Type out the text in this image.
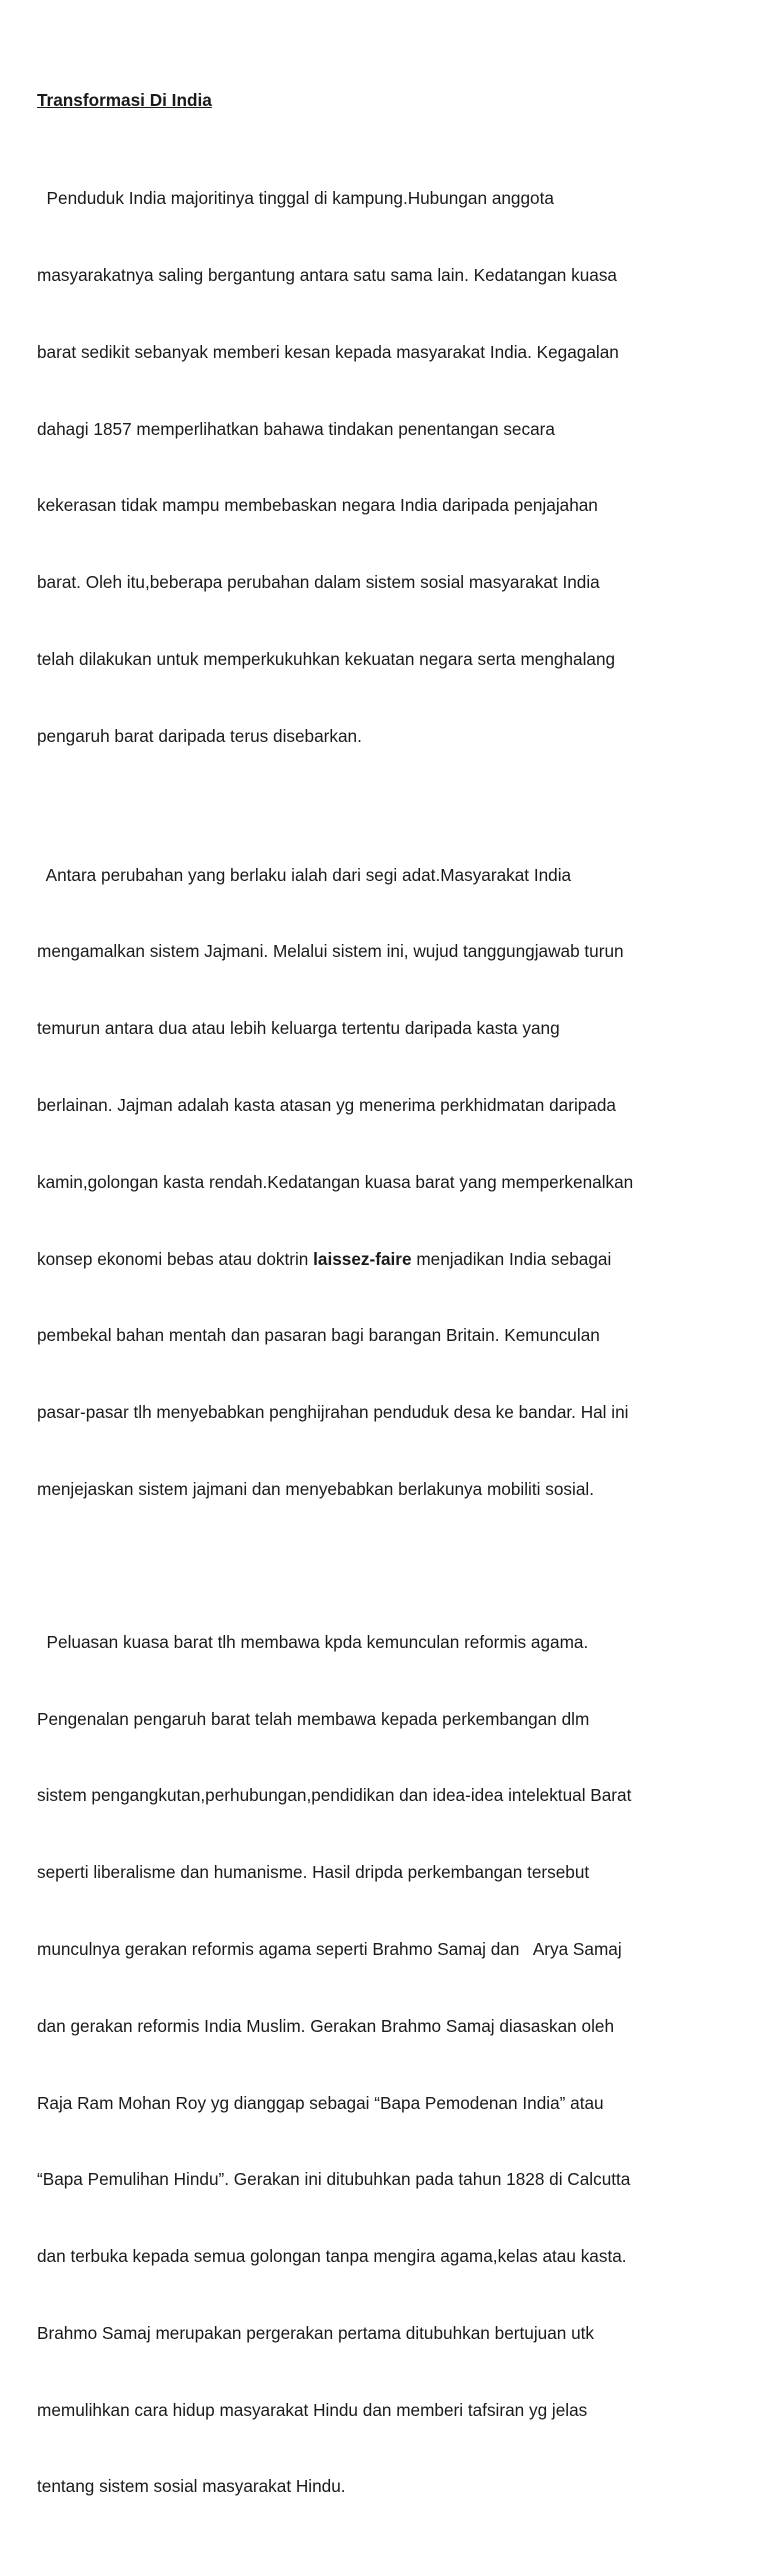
Transformasi Di India

Penduduk India majoritinya tinggal di kampung.Hubungan anggota

masyarakatnya saling bergantung antara satu sama lain. Kedatangan kuasa

barat sedikit sebanyak memberi kesan kepada masyarakat India. Kegagalan

dahagi 1857 memperlihatkan bahawa tindakan penentangan secara

kekerasan tidak mampu membebaskan negara India daripada penjajahan

barat. Oleh itu,beberapa perubahan dalam sistem sosial masyarakat India

telah dilakukan untuk memperkukuhkan kekuatan negara serta menghalang

pengaruh barat daripada terus disebarkan.

Antara perubahan yang berlaku ialah dari segi adat.Masyarakat India

mengamalkan sistem Jajmani. Melalui sistem ini, wujud tanggungjawab turun

temurun antara dua atau lebih keluarga tertentu daripada kasta yang

berlainan. Jajman adalah kasta atasan yg menerima perkhidmatan daripada

kamin,golongan kasta rendah.Kedatangan kuasa barat yang memperkenalkan

konsep ekonomi bebas atau doktrin laissez-faire menjadikan India sebagai

pembekal bahan mentah dan pasaran bagi barangan Britain. Kemunculan

pasar-pasar tlh menyebabkan penghijrahan penduduk desa ke bandar. Hal ini

menjejaskan sistem jajmani dan menyebabkan berlakunya mobiliti sosial.

Peluasan kuasa barat tlh membawa kpda kemunculan reformis agama.

Pengenalan pengaruh barat telah membawa kepada perkembangan dlm

sistem pengangkutan,perhubungan,pendidikan dan idea-idea intelektual Barat

seperti liberalisme dan humanisme. Hasil dripda perkembangan tersebut

munculnya gerakan reformis agama seperti Brahmo Samaj dan   Arya Samaj

dan gerakan reformis India Muslim. Gerakan Brahmo Samaj diasaskan oleh

Raja Ram Mohan Roy yg dianggap sebagai “Bapa Pemodenan India” atau

“Bapa Pemulihan Hindu”. Gerakan ini ditubuhkan pada tahun 1828 di Calcutta

dan terbuka kepada semua golongan tanpa mengira agama,kelas atau kasta.

Brahmo Samaj merupakan pergerakan pertama ditubuhkan bertujuan utk

memulihkan cara hidup masyarakat Hindu dan memberi tafsiran yg jelas

tentang sistem sosial masyarakat Hindu.
